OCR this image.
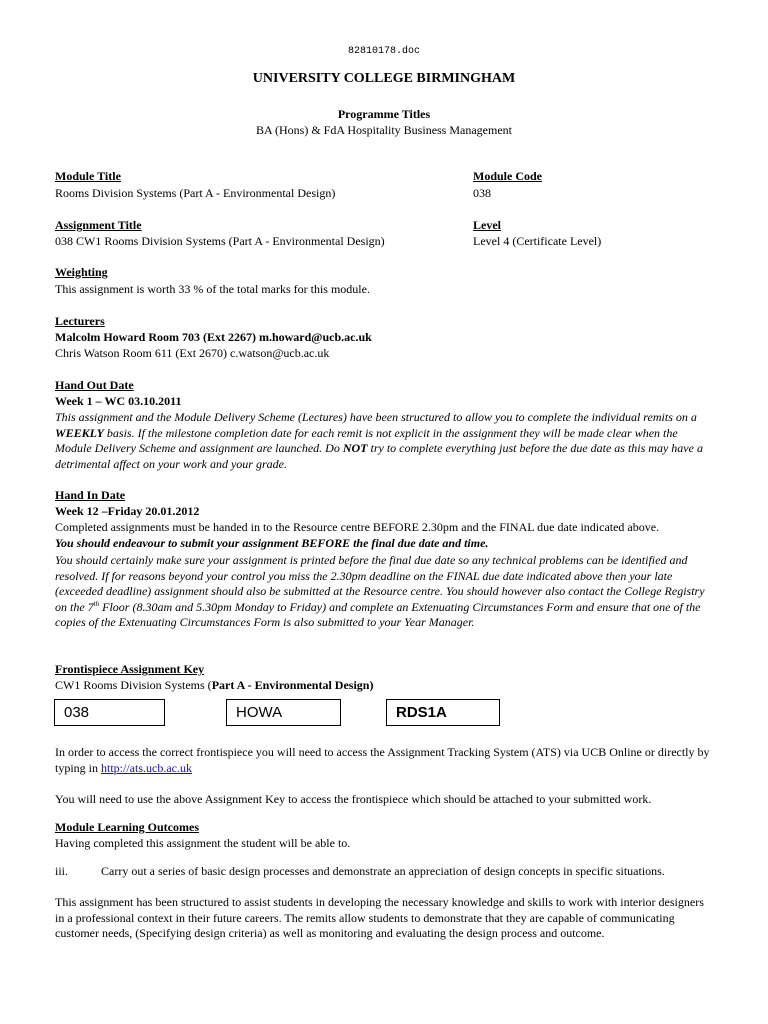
82810178.doc
UNIVERSITY COLLEGE BIRMINGHAM
Programme Titles
BA (Hons) & FdA Hospitality Business Management
Module Title
Rooms Division Systems (Part A - Environmental Design)
Module Code
038
Assignment Title
038 CW1 Rooms Division Systems (Part A - Environmental Design)
Level
Level 4 (Certificate Level)
Weighting
This assignment is worth 33 % of the total marks for this module.
Lecturers
Malcolm Howard Room 703 (Ext 2267) m.howard@ucb.ac.uk
Chris Watson Room 611 (Ext 2670) c.watson@ucb.ac.uk
Hand Out Date
Week 1 – WC 03.10.2011
This assignment and the Module Delivery Scheme (Lectures) have been structured to allow you to complete the individual remits on a WEEKLY basis. If the milestone completion date for each remit is not explicit in the assignment they will be made clear when the Module Delivery Scheme and assignment are launched. Do NOT try to complete everything just before the due date as this may have a detrimental affect on your work and your grade.
Hand In Date
Week 12 –Friday 20.01.2012
Completed assignments must be handed in to the Resource centre BEFORE 2.30pm and the FINAL due date indicated above.
You should endeavour to submit your assignment BEFORE the final due date and time.
You should certainly make sure your assignment is printed before the final due date so any technical problems can be identified and resolved. If for reasons beyond your control you miss the 2.30pm deadline on the FINAL due date indicated above then your late (exceeded deadline) assignment should also be submitted at the Resource centre. You should however also contact the College Registry on the 7th Floor (8.30am and 5.30pm Monday to Friday) and complete an Extenuating Circumstances Form and ensure that one of the copies of the Extenuating Circumstances Form is also submitted to your Year Manager.
Frontispiece Assignment Key
CW1 Rooms Division Systems (Part A - Environmental Design)
038	HOWA	RDS1A
In order to access the correct frontispiece you will need to access the Assignment Tracking System (ATS) via UCB Online or directly by typing in http://ats.ucb.ac.uk
You will need to use the above Assignment Key to access the frontispiece which should be attached to your submitted work.
Module Learning Outcomes
Having completed this assignment the student will be able to.
iii.	Carry out a series of basic design processes and demonstrate an appreciation of design concepts in specific situations.
This assignment has been structured to assist students in developing the necessary knowledge and skills to work with interior designers in a professional context in their future careers. The remits allow students to demonstrate that they are capable of communicating customer needs, (Specifying design criteria) as well as monitoring and evaluating the design process and outcome.
